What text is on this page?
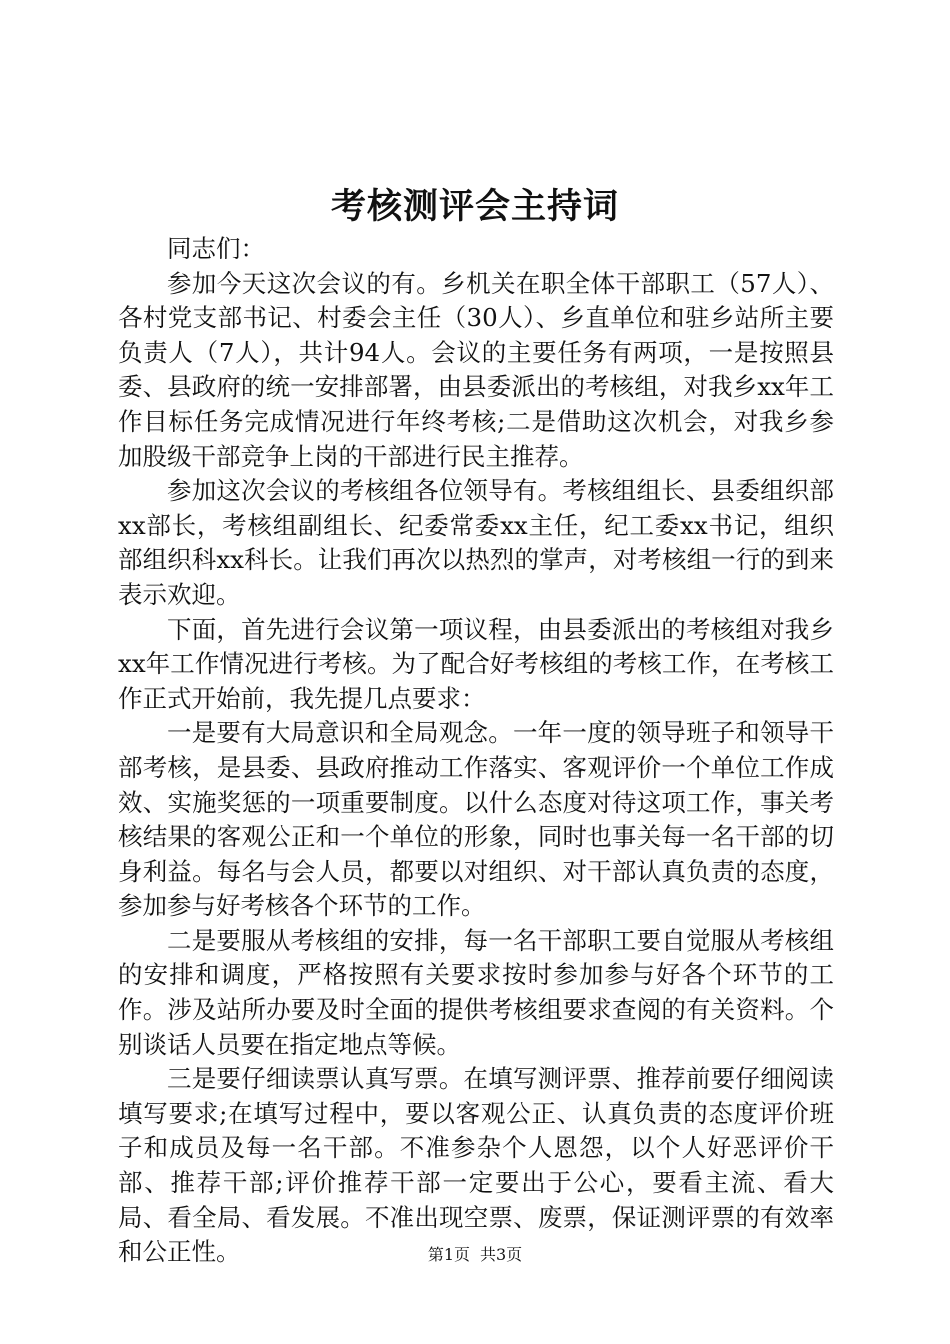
考核测评会主持词

同志们：

参加今天这次会议的有。乡机关在职全体干部职工（57人）、各村党支部书记、村委会主任（30人）、乡直单位和驻乡站所主要负责人（7人），共计94人。会议的主要任务有两项，一是按照县委、县政府的统一安排部署，由县委派出的考核组，对我乡xx年工作目标任务完成情况进行年终考核;二是借助这次机会，对我乡参加股级干部竞争上岗的干部进行民主推荐。

参加这次会议的考核组各位领导有。考核组组长、县委组织部xx部长，考核组副组长、纪委常委xx主任，纪工委xx书记，组织部组织科xx科长。让我们再次以热烈的掌声，对考核组一行的到来表示欢迎。

下面，首先进行会议第一项议程，由县委派出的考核组对我乡xx年工作情况进行考核。为了配合好考核组的考核工作，在考核工作正式开始前，我先提几点要求：

一是要有大局意识和全局观念。一年一度的领导班子和领导干部考核，是县委、县政府推动工作落实、客观评价一个单位工作成效、实施奖惩的一项重要制度。以什么态度对待这项工作，事关考核结果的客观公正和一个单位的形象，同时也事关每一名干部的切身利益。每名与会人员，都要以对组织、对干部认真负责的态度，参加参与好考核各个环节的工作。

二是要服从考核组的安排，每一名干部职工要自觉服从考核组的安排和调度，严格按照有关要求按时参加参与好各个环节的工作。涉及站所办要及时全面的提供考核组要求查阅的有关资料。个别谈话人员要在指定地点等候。

三是要仔细读票认真写票。在填写测评票、推荐前要仔细阅读填写要求;在填写过程中，要以客观公正、认真负责的态度评价班子和成员及每一名干部。不准参杂个人恩怨，以个人好恶评价干部、推荐干部;评价推荐干部一定要出于公心，要看主流、看大局、看全局、看发展。不准出现空票、废票，保证测评票的有效率和公正性。	第1页 共3页
